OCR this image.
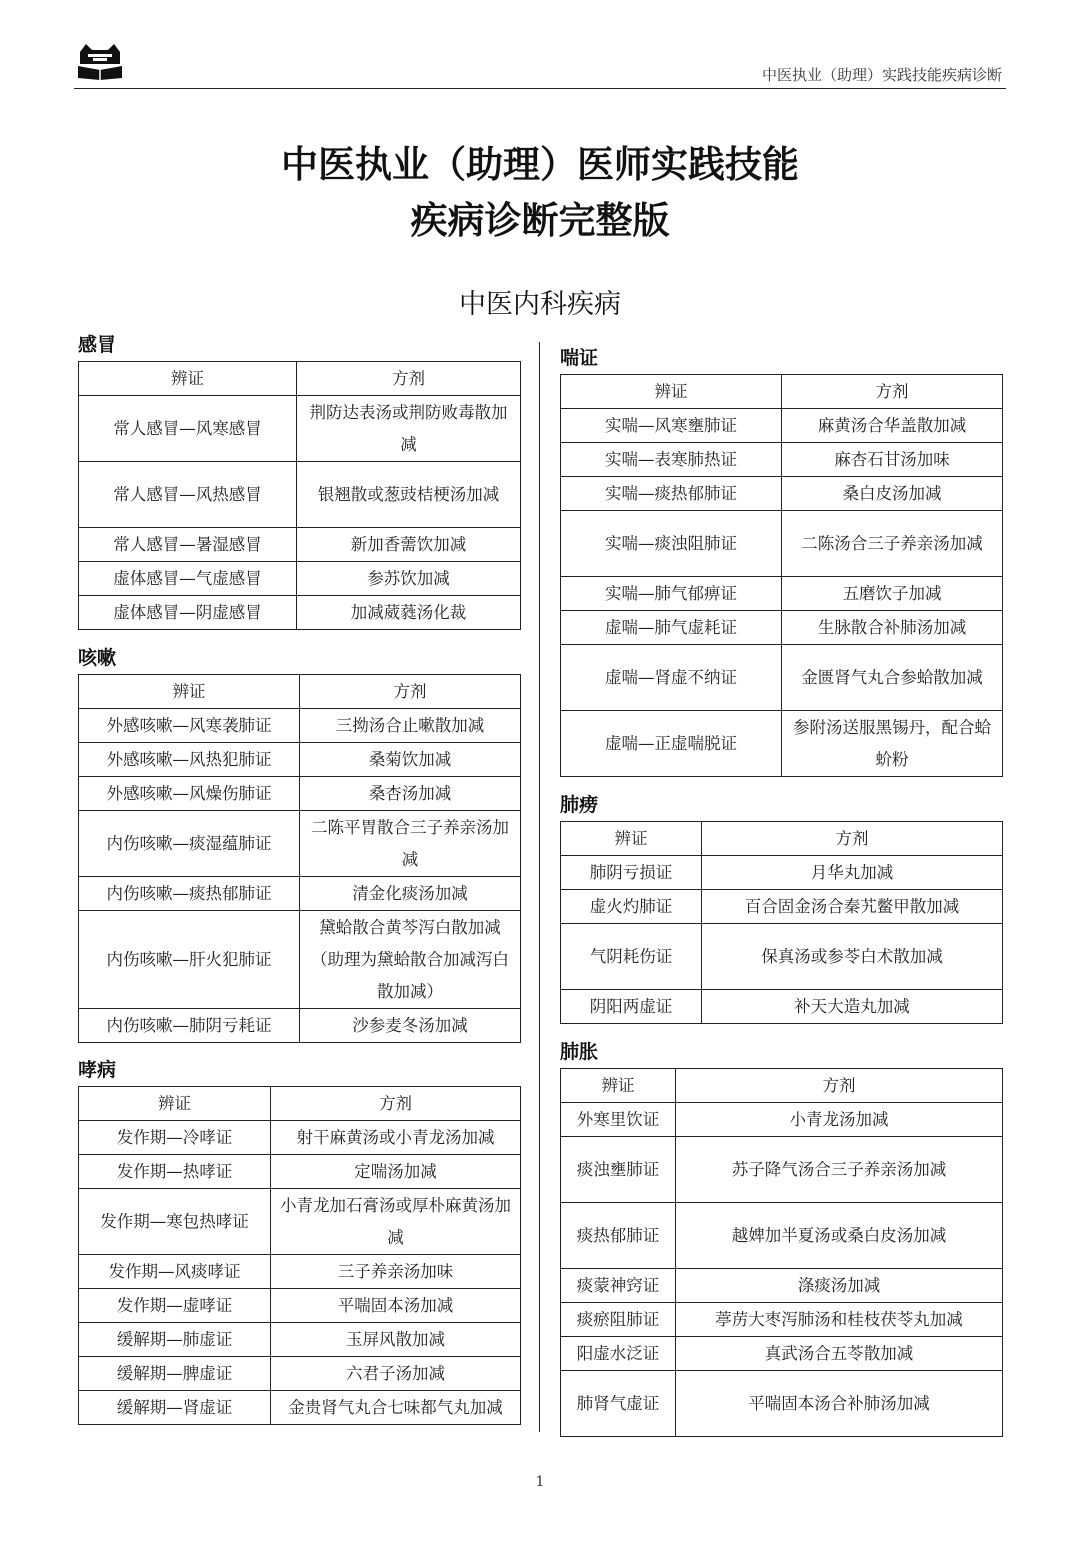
中医执业（助理）实践技能疾病诊断
中医执业（助理）医师实践技能
疾病诊断完整版
中医内科疾病
感冒
辨证	方剂
常人感冒—风寒感冒	荆防达表汤或荆防败毒散加减
常人感冒—风热感冒	银翘散或葱豉桔梗汤加减
常人感冒—暑湿感冒	新加香薷饮加减
虚体感冒—气虚感冒	参苏饮加减
虚体感冒—阴虚感冒	加减葳蕤汤化裁
咳嗽
辨证	方剂
外感咳嗽—风寒袭肺证	三拗汤合止嗽散加减
外感咳嗽—风热犯肺证	桑菊饮加减
外感咳嗽—风燥伤肺证	桑杏汤加减
内伤咳嗽—痰湿蕴肺证	二陈平胃散合三子养亲汤加减
内伤咳嗽—痰热郁肺证	清金化痰汤加减
内伤咳嗽—肝火犯肺证	黛蛤散合黄芩泻白散加减（助理为黛蛤散合加减泻白散加减）
内伤咳嗽—肺阴亏耗证	沙参麦冬汤加减
哮病
辨证	方剂
发作期—冷哮证	射干麻黄汤或小青龙汤加减
发作期—热哮证	定喘汤加减
发作期—寒包热哮证	小青龙加石膏汤或厚朴麻黄汤加减
发作期—风痰哮证	三子养亲汤加味
发作期—虚哮证	平喘固本汤加减
缓解期—肺虚证	玉屏风散加减
缓解期—脾虚证	六君子汤加减
缓解期—肾虚证	金贵肾气丸合七味都气丸加减
喘证
辨证	方剂
实喘—风寒壅肺证	麻黄汤合华盖散加减
实喘—表寒肺热证	麻杏石甘汤加味
实喘—痰热郁肺证	桑白皮汤加减
实喘—痰浊阻肺证	二陈汤合三子养亲汤加减
实喘—肺气郁痹证	五磨饮子加减
虚喘—肺气虚耗证	生脉散合补肺汤加减
虚喘—肾虚不纳证	金匮肾气丸合参蛤散加减
虚喘—正虚喘脱证	参附汤送服黑锡丹，配合蛤蚧粉
肺痨
辨证	方剂
肺阴亏损证	月华丸加减
虚火灼肺证	百合固金汤合秦艽鳖甲散加减
气阴耗伤证	保真汤或参苓白术散加减
阴阳两虚证	补天大造丸加减
肺胀
辨证	方剂
外寒里饮证	小青龙汤加减
痰浊壅肺证	苏子降气汤合三子养亲汤加减
痰热郁肺证	越婢加半夏汤或桑白皮汤加减
痰蒙神窍证	涤痰汤加减
痰瘀阻肺证	葶苈大枣泻肺汤和桂枝茯苓丸加减
阳虚水泛证	真武汤合五苓散加减
肺肾气虚证	平喘固本汤合补肺汤加减
1
